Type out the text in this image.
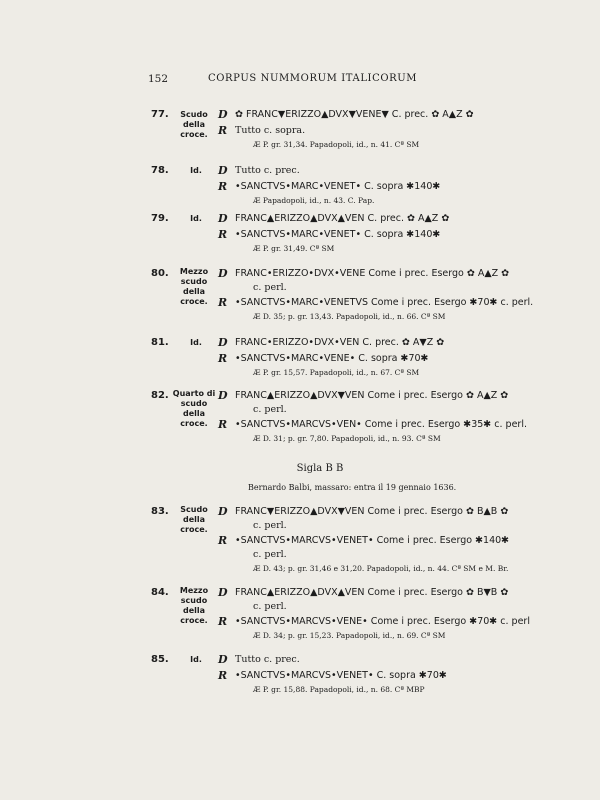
152	CORPUS NUMMORUM ITALICORUM
77.	Scudo
della croce.
D ✿ FRANC▼ERIZZO▲DVX▼VENE▼ C. prec. ✿ A▲Z ✿
R Tutto c. sopra.
Æ P. gr. 31,34. Papadopoli, id., n. 41. Cª SM
78.	Id.	D Tutto c. prec.
R •SANCTVS•MARC•VENET• C. sopra ✱140✱
Æ Papadopoli, id., n. 43. C. Pap.
79.	Id.	D FRANC▲ERIZZO▲DVX▲VEN C. prec. ✿ A▲Z ✿
R •SANCTVS•MARC•VENET• C. sopra ✱140✱
Æ P. gr. 31,49. Cª SM
80.	Mezzo scudo
della croce.
D FRANC•ERIZZO•DVX•VENE Come i prec. Esergo ✿ A▲Z ✿
c. perl.
R •SANCTVS•MARC•VENETVS Come i prec. Esergo ✱70✱ c. perl.
Æ D. 35; p. gr. 13,43. Papadopoli, id., n. 66. Cª SM
81.	Id.	D FRANC•ERIZZO•DVX•VEN C. prec. ✿ A▼Z ✿
R •SANCTVS•MARC•VENE• C. sopra ✱70✱
Æ P. gr. 15,57. Papadopoli, id., n. 67. Cª SM
82. Quarto di scudo
della croce.
D FRANC▲ERIZZO▲DVX▼VEN Come i prec. Esergo ✿ A▲Z ✿
c. perl.
R •SANCTVS•MARCVS•VEN• Come i prec. Esergo ✱35✱ c. perl.
Æ D. 31; p. gr. 7,80. Papadopoli, id., n. 93. Cª SM
Sigla B B
Bernardo Balbi, massaro: entra il 19 gennaio 1636.
83.	Scudo
della croce.
D FRANC▼ERIZZO▲DVX▼VEN Come i prec. Esergo ✿ B▲B ✿
c. perl.
R •SANCTVS•MARCVS•VENET• Come i prec. Esergo ✱140✱
c. perl.
Æ D. 43; p. gr. 31,46 e 31,20. Papadopoli, id., n. 44. Cª SM e M. Br.
84.	Mezzo scudo
della croce.
D FRANC▲ERIZZO▲DVX▲VEN Come i prec. Esergo ✿ B▼B ✿
c. perl.
R •SANCTVS•MARCVS•VENE• Come i prec. Esergo ✱70✱ c. perl
Æ D. 34; p. gr. 15,23. Papadopoli, id., n. 69. Cª SM
85.	Id.	D Tutto c. prec.
R •SANCTVS•MARCVS•VENET• C. sopra ✱70✱
Æ P. gr. 15,88. Papadopoli, id., n. 68. Cª MBP
